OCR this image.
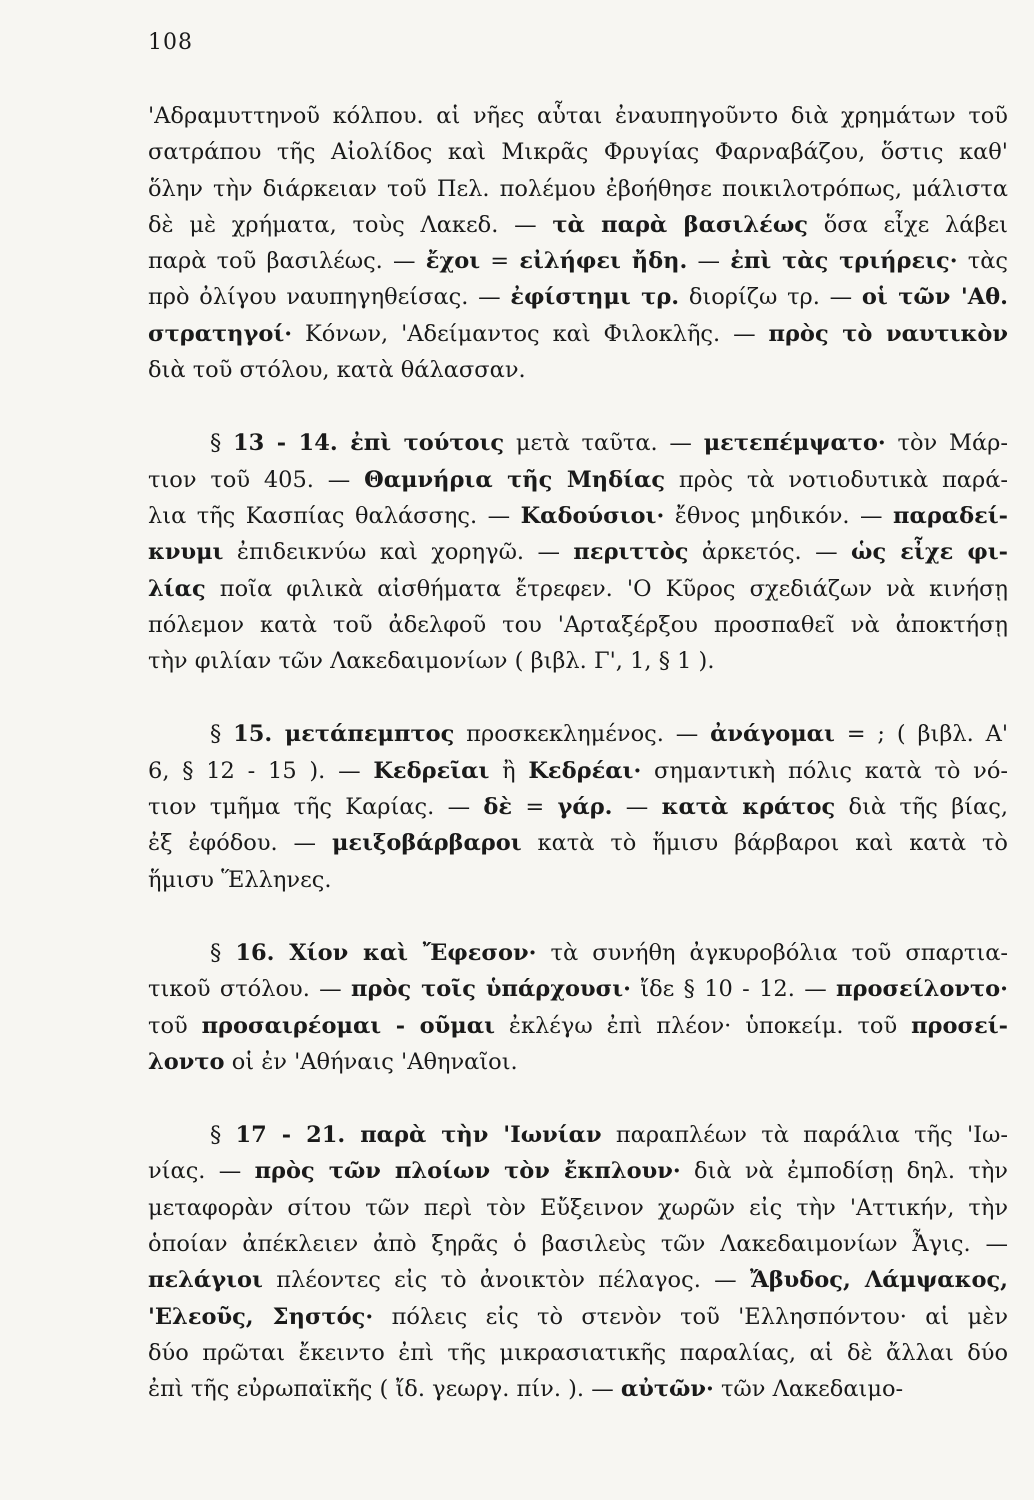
108
'Αδραμυττηνοῦ κόλπου. αἱ νῆες αὗται ἐναυπηγοῦντο διὰ χρημάτων τοῦ
σατράπου τῆς Αἰολίδος καὶ Μικρᾶς Φρυγίας Φαρναβάζου, ὅστις καθ'
ὅλην τὴν διάρκειαν τοῦ Πελ. πολέμου ἐβοήθησε ποικιλοτρόπως, μάλιστα
δὲ μὲ χρήματα, τοὺς Λακεδ. — τὰ παρὰ βασιλέως ὅσα εἶχε λάβει
παρὰ τοῦ βασιλέως. — ἔχοι = εἰλήφει ἤδη. — ἐπὶ τὰς τριήρεις· τὰς
πρὸ ὀλίγου ναυπηγηθείσας. — ἐφίστημι τρ. διορίζω τρ. — οἱ τῶν 'Αθ.
στρατηγοί· Κόνων, 'Αδείμαντος καὶ Φιλοκλῆς. — πρὸς τὸ ναυτικὸν
διὰ τοῦ στόλου, κατὰ θάλασσαν.
§ 13 - 14. ἐπὶ τούτοις μετὰ ταῦτα. — μετεπέμψατο· τὸν Μάρ-
τιον τοῦ 405. — Θαμνήρια τῆς Μηδίας πρὸς τὰ νοτιοδυτικὰ παρά-
λια τῆς Κασπίας θαλάσσης. — Καδούσιοι· ἔθνος μηδικόν. — παραδεί-
κνυμι ἐπιδεικνύω καὶ χορηγῶ. — περιττὸς ἀρκετός. — ὡς εἶχε φι-
λίας ποῖα φιλικὰ αἰσθήματα ἔτρεφεν. 'Ο Κῦρος σχεδιάζων νὰ κινήσῃ
πόλεμον κατὰ τοῦ ἀδελφοῦ του 'Αρταξέρξου προσπαθεῖ νὰ ἀποκτήσῃ
τὴν φιλίαν τῶν Λακεδαιμονίων ( βιβλ. Γ', 1, § 1 ).
§ 15. μετάπεμπτος προσκεκλημένος. — ἀνάγομαι = ; ( βιβλ. Α'
6, § 12 - 15 ). — Κεδρεῖαι ἢ Κεδρέαι· σημαντικὴ πόλις κατὰ τὸ νό-
τιον τμῆμα τῆς Καρίας. — δὲ = γάρ. — κατὰ κράτος διὰ τῆς βίας,
ἐξ ἐφόδου. — μειξοβάρβαροι κατὰ τὸ ἥμισυ βάρβαροι καὶ κατὰ τὸ
ἥμισυ Ἕλληνες.
§ 16. Χίον καὶ Ἔφεσον· τὰ συνήθη ἀγκυροβόλια τοῦ σπαρτια-
τικοῦ στόλου. — πρὸς τοῖς ὑπάρχουσι· ἴδε § 10 - 12. — προσείλοντο·
τοῦ προσαιρέομαι - οῦμαι ἐκλέγω ἐπὶ πλέον· ὑποκείμ. τοῦ προσεί-
λοντο οἱ ἐν 'Αθήναις 'Αθηναῖοι.
§ 17 - 21. παρὰ τὴν 'Ιωνίαν παραπλέων τὰ παράλια τῆς 'Ιω-
νίας. — πρὸς τῶν πλοίων τὸν ἔκπλουν· διὰ νὰ ἐμποδίσῃ δηλ. τὴν
μεταφορὰν σίτου τῶν περὶ τὸν Εὔξεινον χωρῶν εἰς τὴν 'Αττικήν, τὴν
ὁποίαν ἀπέκλειεν ἀπὸ ξηρᾶς ὁ βασιλεὺς τῶν Λακεδαιμονίων Ἆγις. —
πελάγιοι πλέοντες εἰς τὸ ἀνοικτὸν πέλαγος. — Ἄβυδος, Λάμψακος,
'Ελεοῦς, Σηστός· πόλεις εἰς τὸ στενὸν τοῦ 'Ελλησπόντου· αἱ μὲν
δύο πρῶται ἔκειντο ἐπὶ τῆς μικρασιατικῆς παραλίας, αἱ δὲ ἄλλαι δύο
ἐπὶ τῆς εὐρωπαϊκῆς ( ἴδ. γεωργ. πίν. ). — αὐτῶν· τῶν Λακεδαιμο-
